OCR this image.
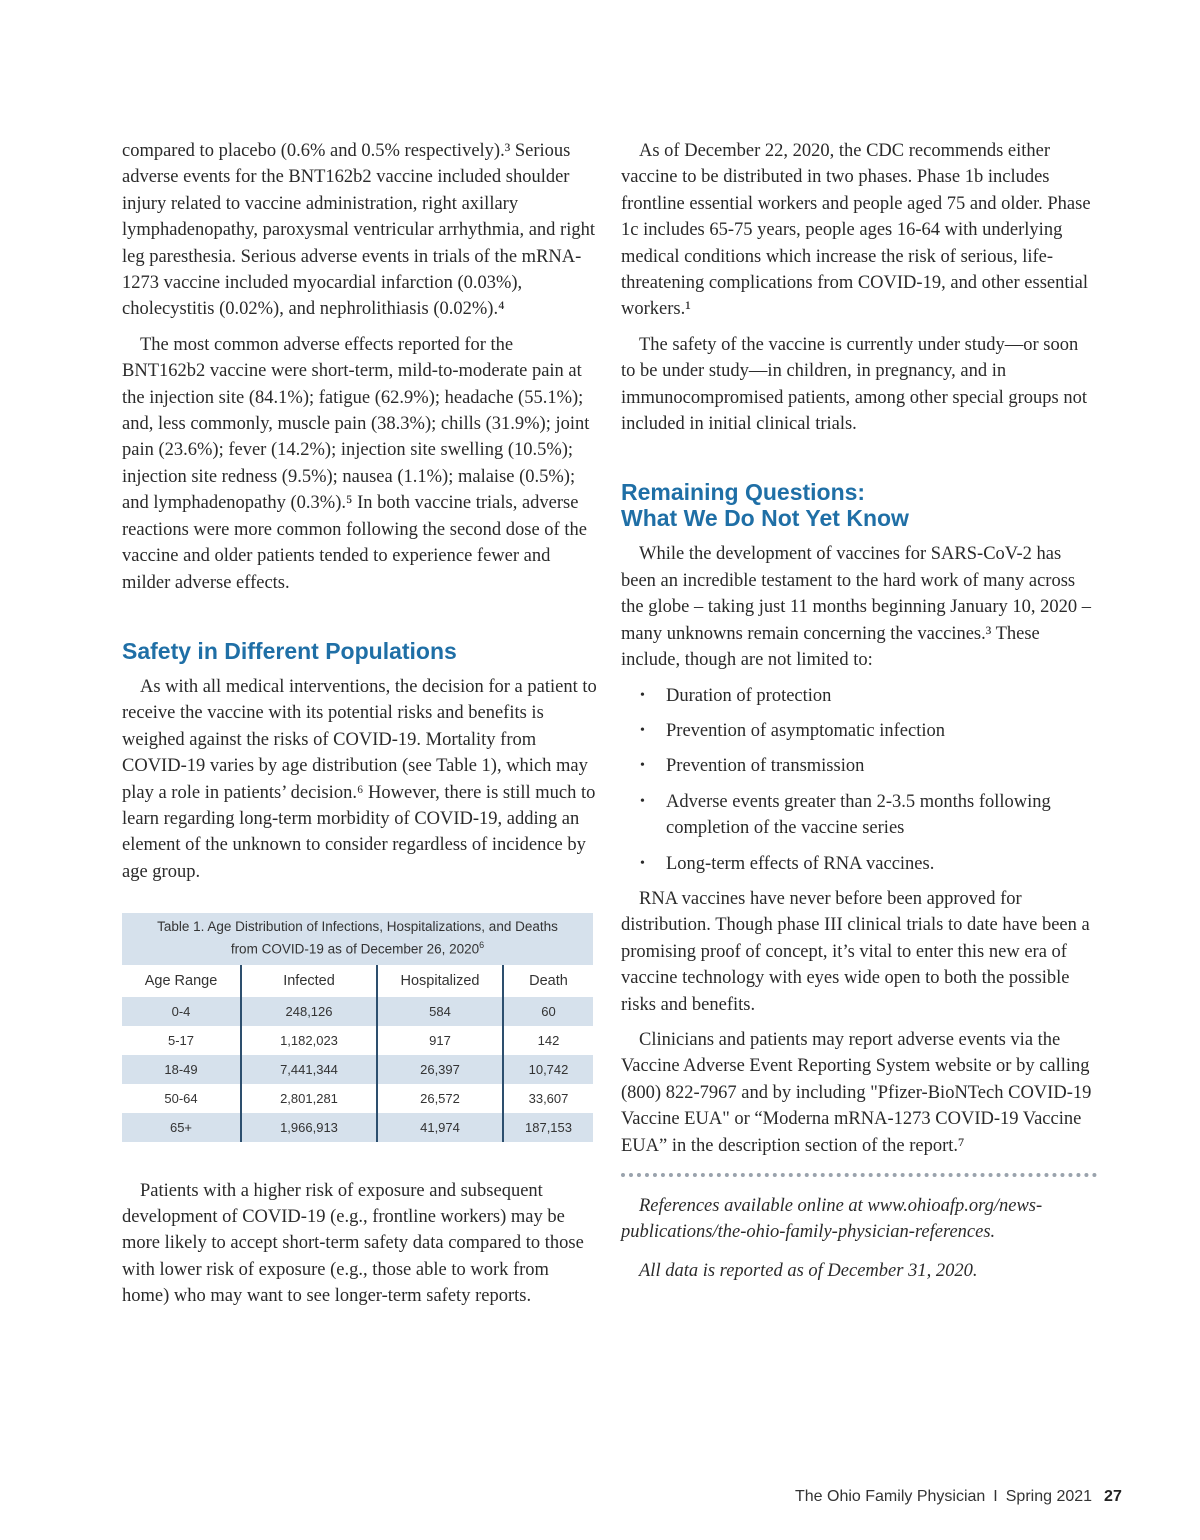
compared to placebo (0.6% and 0.5% respectively).³ Serious adverse events for the BNT162b2 vaccine included shoulder injury related to vaccine administration, right axillary lymphadenopathy, paroxysmal ventricular arrhythmia, and right leg paresthesia. Serious adverse events in trials of the mRNA-1273 vaccine included myocardial infarction (0.03%), cholecystitis (0.02%), and nephrolithiasis (0.02%).⁴

The most common adverse effects reported for the BNT162b2 vaccine were short-term, mild-to-moderate pain at the injection site (84.1%); fatigue (62.9%); headache (55.1%); and, less commonly, muscle pain (38.3%); chills (31.9%); joint pain (23.6%); fever (14.2%); injection site swelling (10.5%); injection site redness (9.5%); nausea (1.1%); malaise (0.5%); and lymphadenopathy (0.3%).⁵ In both vaccine trials, adverse reactions were more common following the second dose of the vaccine and older patients tended to experience fewer and milder adverse effects.

Safety in Different Populations

As with all medical interventions, the decision for a patient to receive the vaccine with its potential risks and benefits is weighed against the risks of COVID-19. Mortality from COVID-19 varies by age distribution (see Table 1), which may play a role in patients’ decision.⁶ However, there is still much to learn regarding long-term morbidity of COVID-19, adding an element of the unknown to consider regardless of incidence by age group.

Table 1. Age Distribution of Infections, Hospitalizations, and Deaths
from COVID-19 as of December 26, 2020$^6$
Age Range	Infected	Hospitalized	Death
0-4	248,126	584	60
5-17	1,182,023	917	142
18-49	7,441,344	26,397	10,742
50-64	2,801,281	26,572	33,607
65+	1,966,913	41,974	187,153

Patients with a higher risk of exposure and subsequent development of COVID-19 (e.g., frontline workers) may be more likely to accept short-term safety data compared to those with lower risk of exposure (e.g., those able to work from home) who may want to see longer-term safety reports.

As of December 22, 2020, the CDC recommends either vaccine to be distributed in two phases. Phase 1b includes frontline essential workers and people aged 75 and older. Phase 1c includes 65-75 years, people ages 16-64 with underlying medical conditions which increase the risk of serious, life-threatening complications from COVID-19, and other essential workers.¹

The safety of the vaccine is currently under study—or soon to be under study—in children, in pregnancy, and in immunocompromised patients, among other special groups not included in initial clinical trials.

Remaining Questions:
What We Do Not Yet Know

While the development of vaccines for SARS-CoV-2 has been an incredible testament to the hard work of many across the globe – taking just 11 months beginning January 10, 2020 – many unknowns remain concerning the vaccines.³ These include, though are not limited to:

• Duration of protection
• Prevention of asymptomatic infection
• Prevention of transmission
• Adverse events greater than 2-3.5 months following completion of the vaccine series
• Long-term effects of RNA vaccines.

RNA vaccines have never before been approved for distribution. Though phase III clinical trials to date have been a promising proof of concept, it’s vital to enter this new era of vaccine technology with eyes wide open to both the possible risks and benefits.

Clinicians and patients may report adverse events via the Vaccine Adverse Event Reporting System website or by calling (800) 822-7967 and by including "Pfizer-BioNTech COVID-19 Vaccine EUA" or “Moderna mRNA-1273 COVID-19 Vaccine EUA” in the description section of the report.⁷

References available online at www.ohioafp.org/news-publications/the-ohio-family-physician-references.

All data is reported as of December 31, 2020.

The Ohio Family Physician I Spring 2021 27
